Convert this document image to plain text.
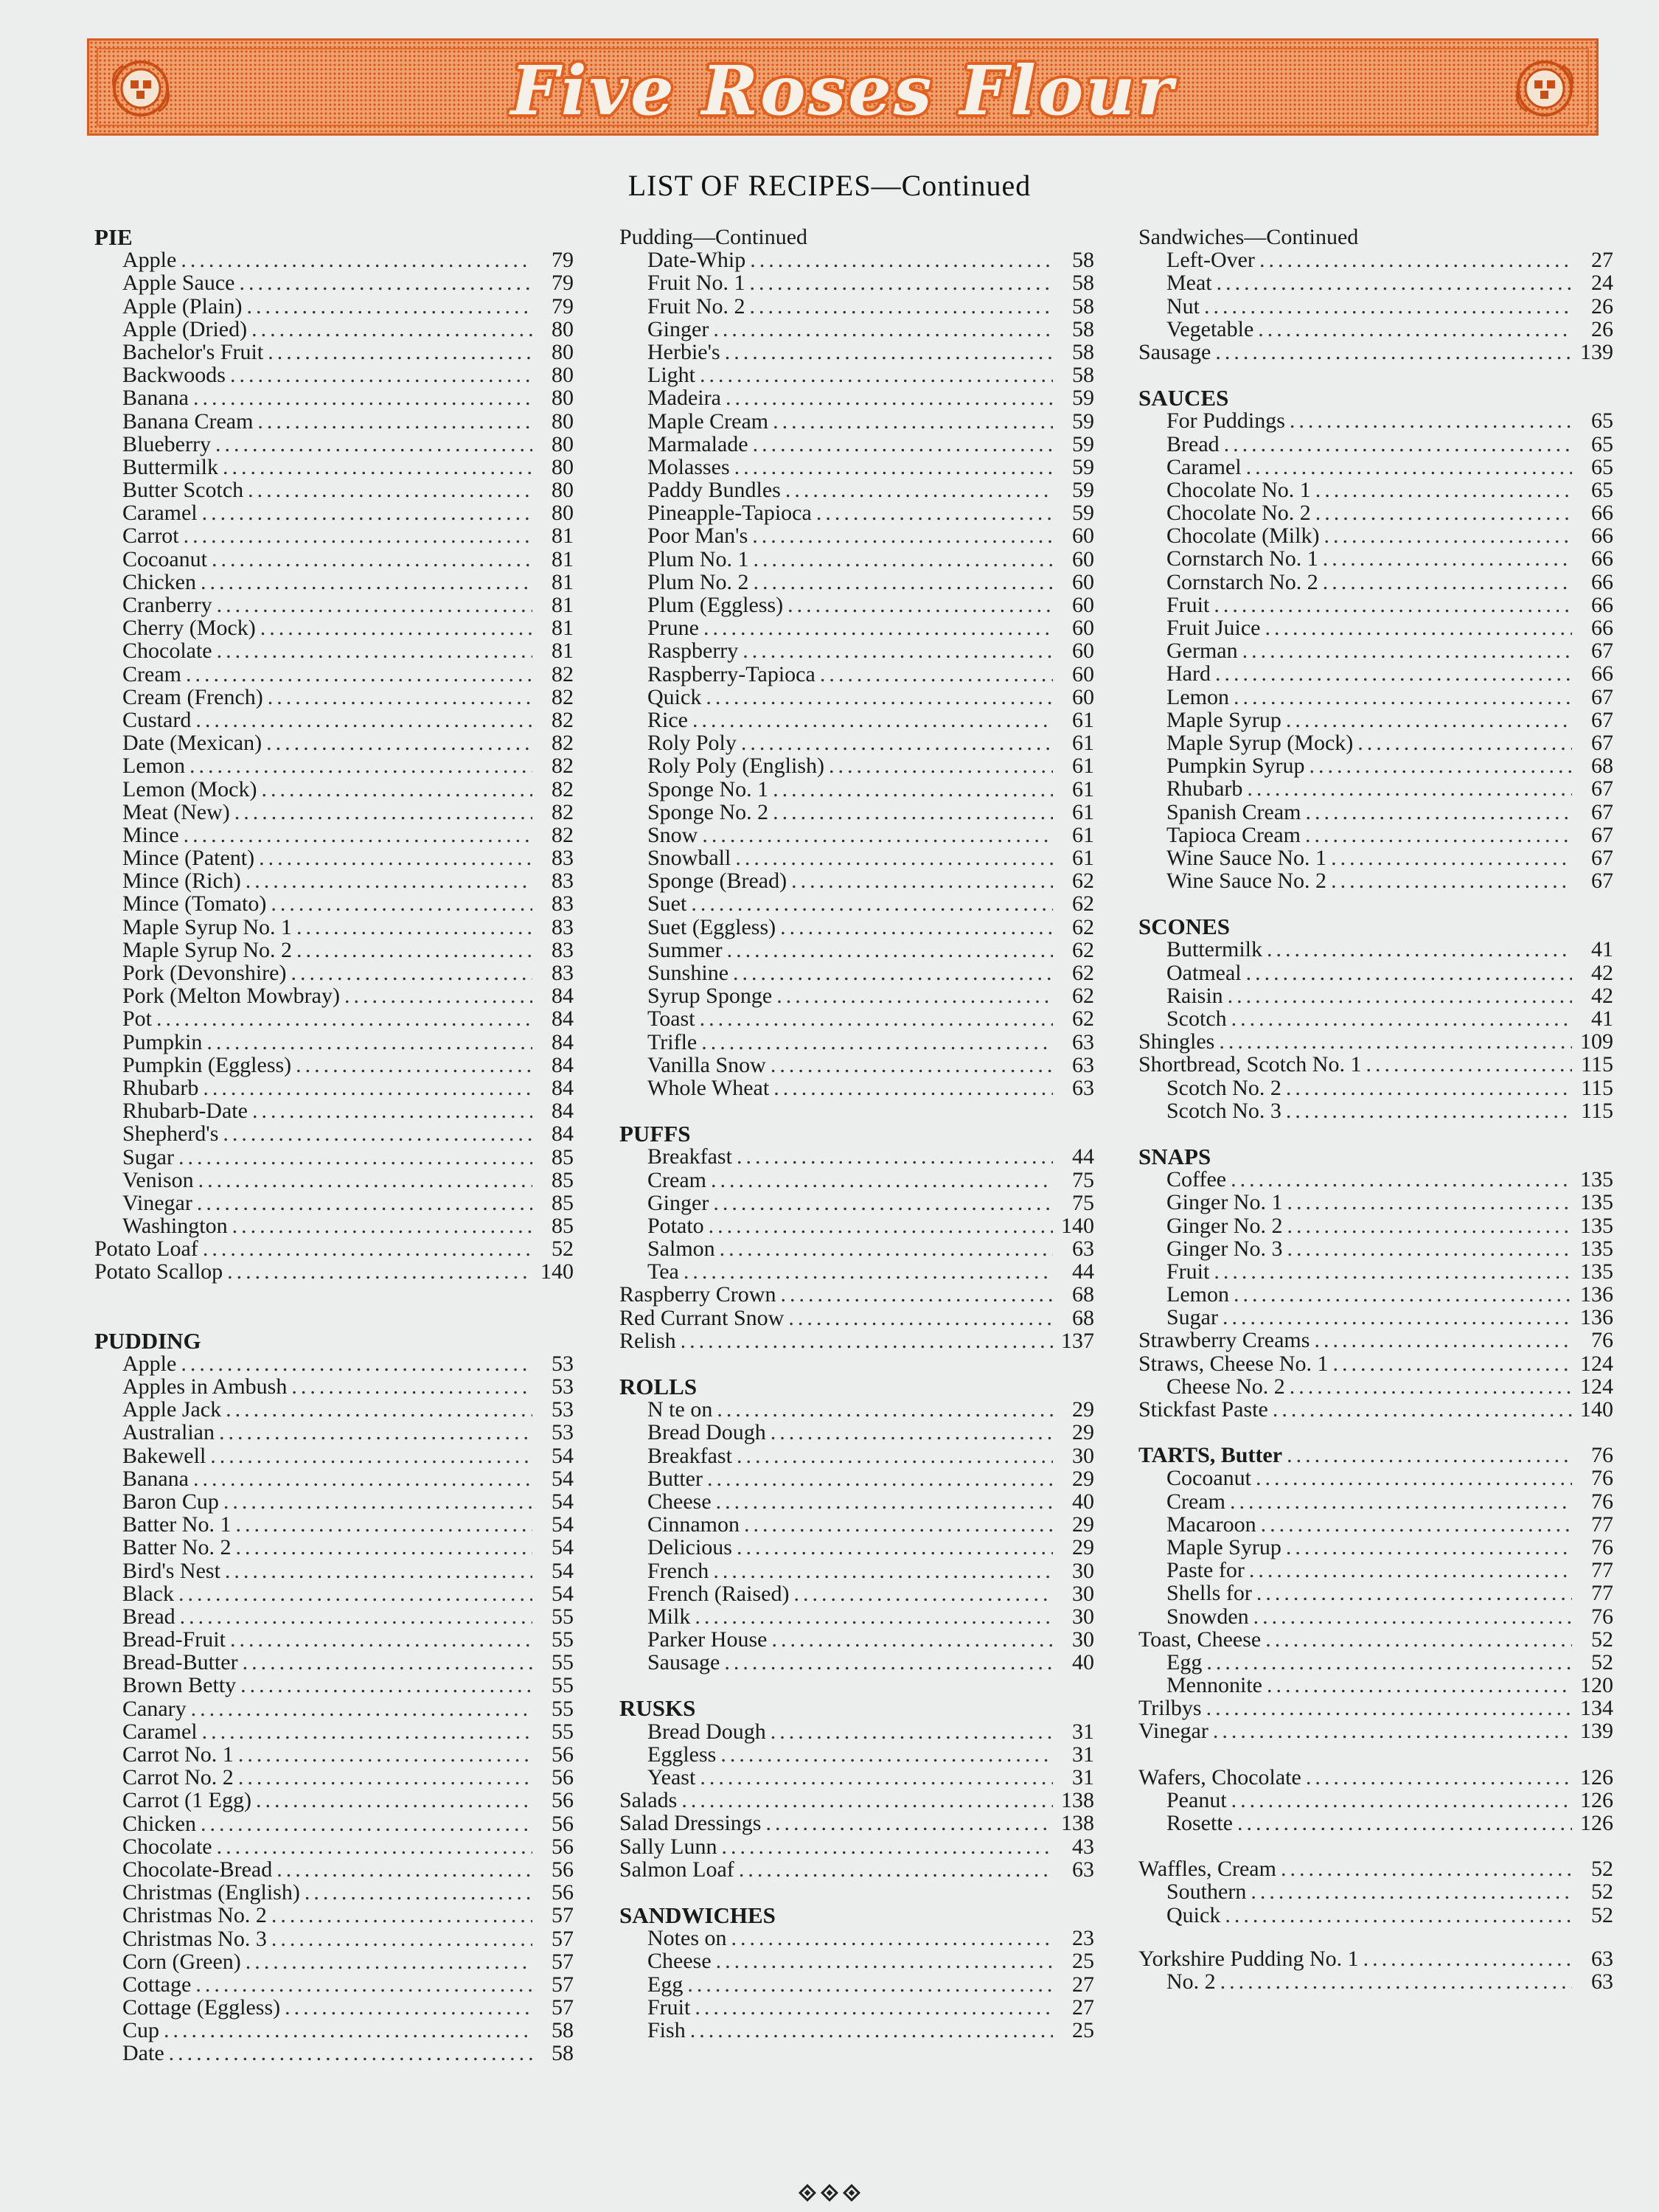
Five Roses Flour
LIST OF RECIPES—Continued
PIE
Apple .....	79
Apple Sauce .....	79
Apple (Plain) .....	79
Apple (Dried) .....	80
Bachelor's Fruit .....	80
Backwoods .....	80
Banana .....	80
Banana Cream .....	80
Blueberry .....	80
Buttermilk .....	80
Butter Scotch .....	80
Caramel .....	80
Carrot .....	81
Cocoanut .....	81
Chicken .....	81
Cranberry .....	81
Cherry (Mock) .....	81
Chocolate .....	81
Cream .....	82
Cream (French) .....	82
Custard .....	82
Date (Mexican) .....	82
Lemon .....	82
Lemon (Mock) .....	82
Meat (New) .....	82
Mince .....	82
Mince (Patent) .....	83
Mince (Rich) .....	83
Mince (Tomato) .....	83
Maple Syrup No. 1 .....	83
Maple Syrup No. 2 .....	83
Pork (Devonshire) .....	83
Pork (Melton Mowbray) .....	84
Pot .....	84
Pumpkin .....	84
Pumpkin (Eggless) .....	84
Rhubarb .....	84
Rhubarb-Date .....	84
Shepherd's .....	84
Sugar .....	85
Venison .....	85
Vinegar .....	85
Washington .....	85
Potato Loaf .....	52
Potato Scallop .....	140
PUDDING
Apple .....	53
Apples in Ambush .....	53
Apple Jack .....	53
Australian .....	53
Bakewell .....	54
Banana .....	54
Baron Cup .....	54
Batter No. 1 .....	54
Batter No. 2 .....	54
Bird's Nest .....	54
Black .....	54
Bread .....	55
Bread-Fruit .....	55
Bread-Butter .....	55
Brown Betty .....	55
Canary .....	55
Caramel .....	55
Carrot No. 1 .....	56
Carrot No. 2 .....	56
Carrot (1 Egg) .....	56
Chicken .....	56
Chocolate .....	56
Chocolate-Bread .....	56
Christmas (English) .....	56
Christmas No. 2 .....	57
Christmas No. 3 .....	57
Corn (Green) .....	57
Cottage .....	57
Cottage (Eggless) .....	57
Cup .....	58
Date .....	58
Pudding—Continued
Date-Whip .....	58
Fruit No. 1 .....	58
Fruit No. 2 .....	58
Ginger .....	58
Herbie's .....	58
Light .....	58
Madeira .....	59
Maple Cream .....	59
Marmalade .....	59
Molasses .....	59
Paddy Bundles .....	59
Pineapple-Tapioca .....	59
Poor Man's .....	60
Plum No. 1 .....	60
Plum No. 2 .....	60
Plum (Eggless) .....	60
Prune .....	60
Raspberry .....	60
Raspberry-Tapioca .....	60
Quick .....	60
Rice .....	61
Roly Poly .....	61
Roly Poly (English) .....	61
Sponge No. 1 .....	61
Sponge No. 2 .....	61
Snow .....	61
Snowball .....	61
Sponge (Bread) .....	62
Suet .....	62
Suet (Eggless) .....	62
Summer .....	62
Sunshine .....	62
Syrup Sponge .....	62
Toast .....	62
Trifle .....	63
Vanilla Snow .....	63
Whole Wheat .....	63
PUFFS
Breakfast .....	44
Cream .....	75
Ginger .....	75
Potato .....	140
Salmon .....	63
Tea .....	44
Raspberry Crown .....	68
Red Currant Snow .....	68
Relish .....	137
ROLLS
N te on .....	29
Bread Dough .....	29
Breakfast .....	30
Butter .....	29
Cheese .....	40
Cinnamon .....	29
Delicious .....	29
French .....	30
French (Raised) .....	30
Milk .....	30
Parker House .....	30
Sausage .....	40
RUSKS
Bread Dough .....	31
Eggless .....	31
Yeast .....	31
Salads .....	138
Salad Dressings .....	138
Sally Lunn .....	43
Salmon Loaf .....	63
SANDWICHES
Notes on .....	23
Cheese .....	25
Egg .....	27
Fruit .....	27
Fish .....	25
Sandwiches—Continued
Left-Over .....	27
Meat .....	24
Nut .....	26
Vegetable .....	26
Sausage .....	139
SAUCES
For Puddings .....	65
Bread .....	65
Caramel .....	65
Chocolate No. 1 .....	65
Chocolate No. 2 .....	66
Chocolate (Milk) .....	66
Cornstarch No. 1 .....	66
Cornstarch No. 2 .....	66
Fruit .....	66
Fruit Juice .....	66
German .....	67
Hard .....	66
Lemon .....	67
Maple Syrup .....	67
Maple Syrup (Mock) .....	67
Pumpkin Syrup .....	68
Rhubarb .....	67
Spanish Cream .....	67
Tapioca Cream .....	67
Wine Sauce No. 1 .....	67
Wine Sauce No. 2 .....	67
SCONES
Buttermilk .....	41
Oatmeal .....	42
Raisin .....	42
Scotch .....	41
Shingles .....	109
Shortbread, Scotch No. 1 .....	115
Scotch No. 2 .....	115
Scotch No. 3 .....	115
SNAPS
Coffee .....	135
Ginger No. 1 .....	135
Ginger No. 2 .....	135
Ginger No. 3 .....	135
Fruit .....	135
Lemon .....	136
Sugar .....	136
Strawberry Creams .....	76
Straws, Cheese No. 1 .....	124
Cheese No. 2 .....	124
Stickfast Paste .....	140
TARTS, Butter .....	76
Cocoanut .....	76
Cream .....	76
Macaroon .....	77
Maple Syrup .....	76
Paste for .....	77
Shells for .....	77
Snowden .....	76
Toast, Cheese .....	52
Egg .....	52
Mennonite .....	120
Trilbys .....	134
Vinegar .....	139
Wafers, Chocolate .....	126
Peanut .....	126
Rosette .....	126
Waffles, Cream .....	52
Southern .....	52
Quick .....	52
Yorkshire Pudding No. 1 .....	63
No. 2 .....	63
